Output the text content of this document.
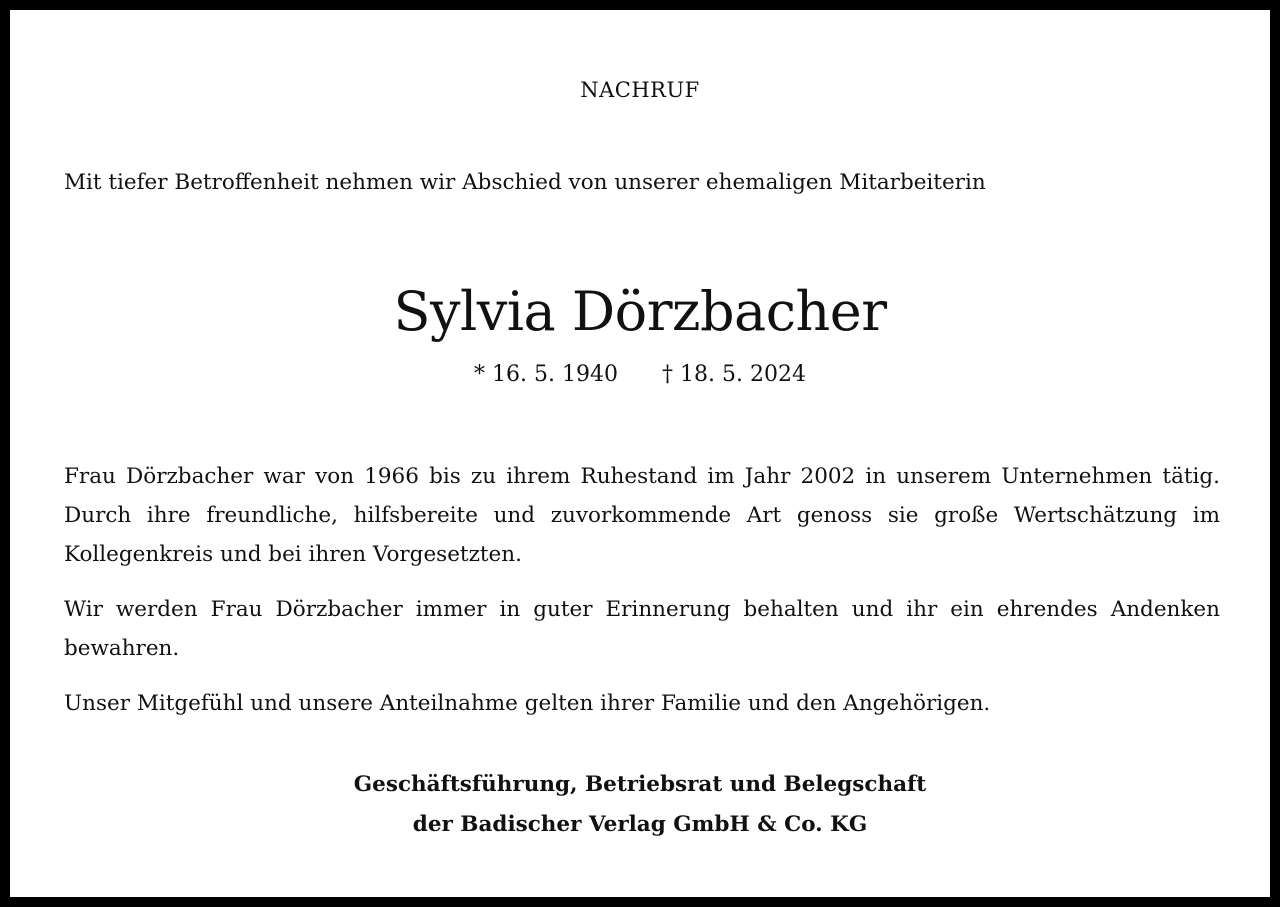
NACHRUF
Mit tiefer Betroffenheit nehmen wir Abschied von unserer ehemaligen Mitarbeiterin
Sylvia Dörzbacher
* 16. 5. 1940 † 18. 5. 2024

Frau Dörzbacher war von 1966 bis zu ihrem Ruhestand im Jahr 2002 in unserem Unternehmen tätig. Durch ihre freundliche, hilfsbereite und zuvorkommende Art genoss sie große Wertschätzung im Kollegenkreis und bei ihren Vorgesetzten.

Wir werden Frau Dörzbacher immer in guter Erinnerung behalten und ihr ein ehrendes Andenken bewahren.

Unser Mitgefühl und unsere Anteilnahme gelten ihrer Familie und den Angehörigen.

Geschäftsführung, Betriebsrat und Belegschaft
der Badischer Verlag GmbH & Co. KG
